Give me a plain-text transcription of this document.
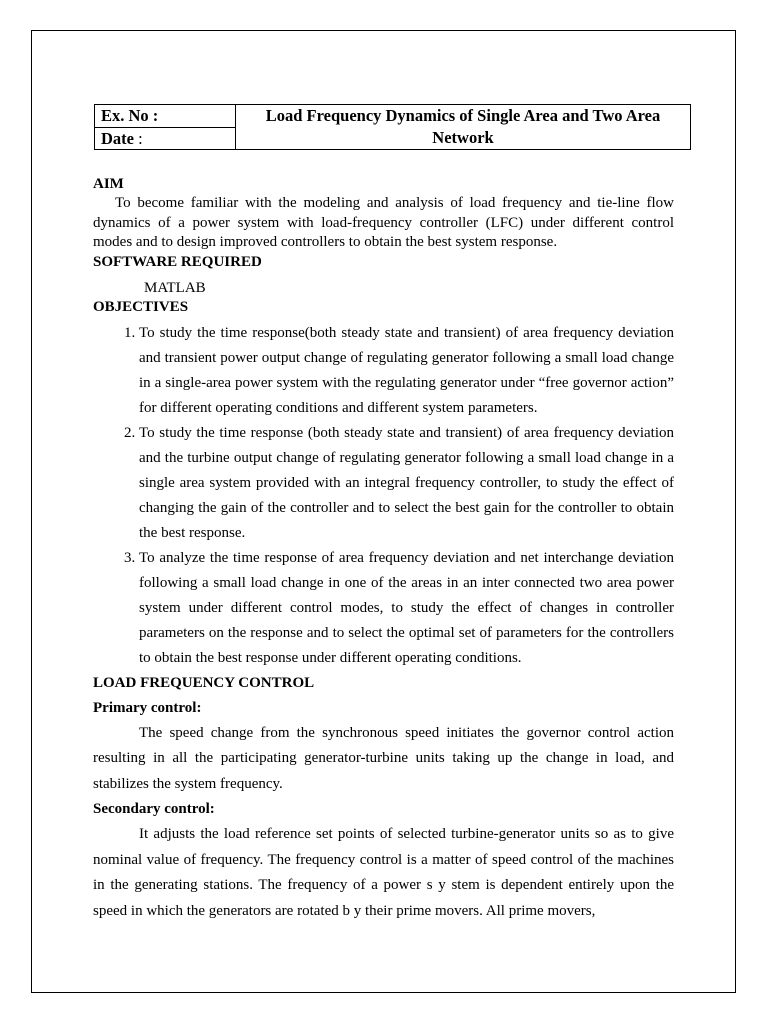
Ex. No :	Load Frequency Dynamics of Single Area and Two Area
Network

Date :
AIM

To become familiar with the modeling and analysis of load frequency and tie-line flow dynamics of a power system with load-frequency controller (LFC) under different control modes and to design improved controllers to obtain the best system response.

SOFTWARE REQUIRED
MATLAB
OBJECTIVES
1. To study the time response(both steady state and transient) of area frequency deviation and transient power output change of regulating generator following a small load change in a single-area power system with the regulating generator under “free governor action” for different operating conditions and different system parameters.
2. To study the time response (both steady state and transient) of area frequency deviation and the turbine output change of regulating generator following a small load change in a single area system provided with an integral frequency controller, to study the effect of changing the gain of the controller and to select the best gain for the controller to obtain the best response.
3. To analyze the time response of area frequency deviation and net interchange deviation following a small load change in one of the areas in an inter connected two area power system under different control modes, to study the effect of changes in controller parameters on the response and to select the optimal set of parameters for the controllers to obtain the best response under different operating conditions.
LOAD FREQUENCY CONTROL
Primary control:

The speed change from the synchronous speed initiates the governor control action resulting in all the participating generator-turbine units taking up the change in load, and stabilizes the system frequency.

Secondary control:

It adjusts the load reference set points of selected turbine-generator units so as to give nominal value of frequency. The frequency control is a matter of speed control of the machines in the generating stations. The frequency of a power s y stem is dependent entirely upon the speed in which the generators are rotated b y their prime movers. All prime movers,
